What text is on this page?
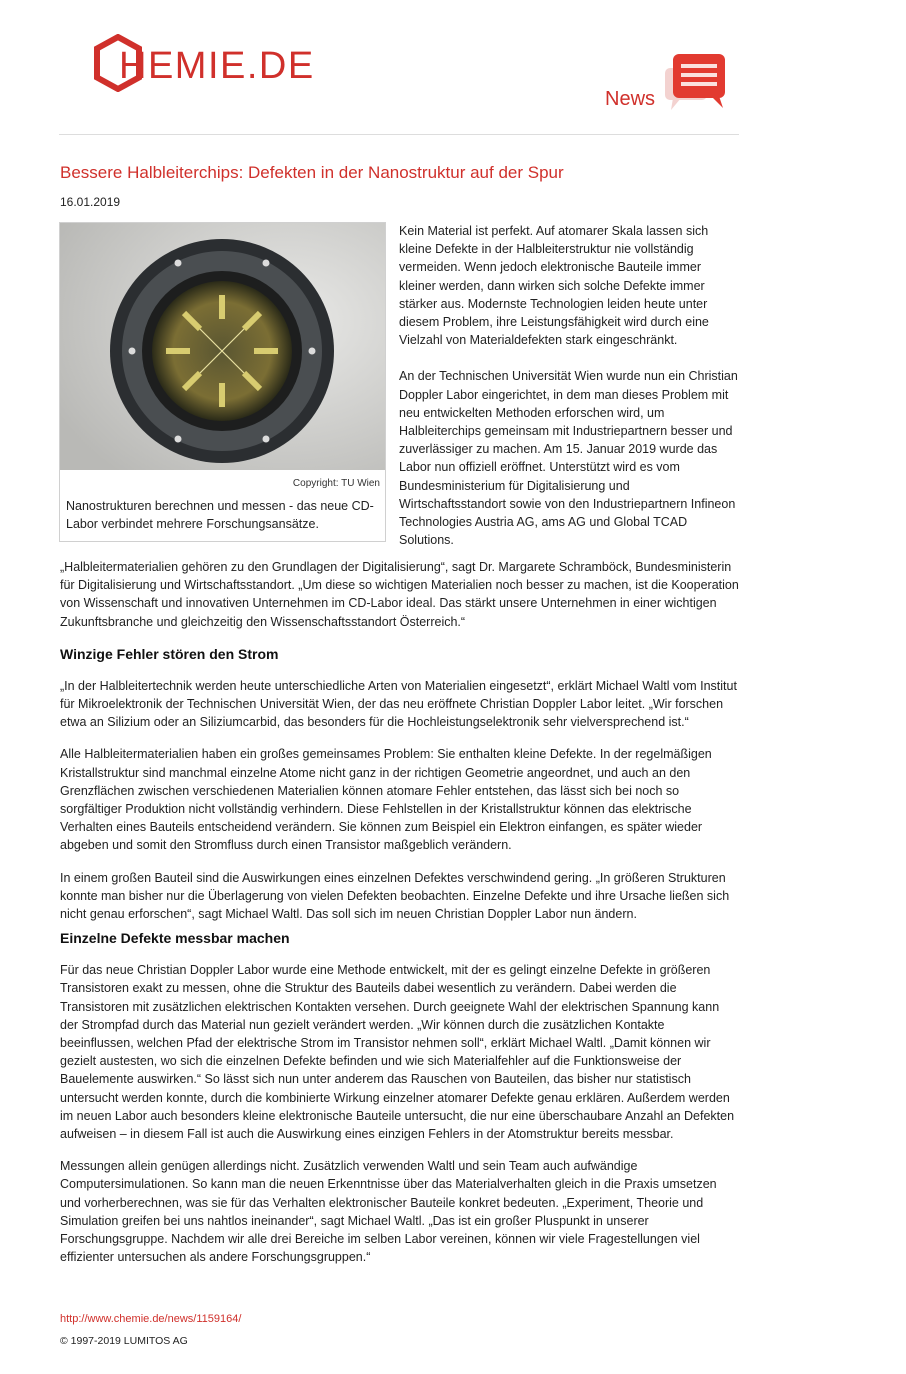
HEMIE.DE
News
Bessere Halbleiterchips: Defekten in der Nanostruktur auf der Spur
16.01.2019
Copyright: TU Wien
Nanostrukturen berechnen und messen - das neue CD-Labor verbindet mehrere Forschungsansätze.

Kein Material ist perfekt. Auf atomarer Skala lassen sich kleine Defekte in der Halbleiterstruktur nie vollständig vermeiden. Wenn jedoch elektronische Bauteile immer kleiner werden, dann wirken sich solche Defekte immer stärker aus. Modernste Technologien leiden heute unter diesem Problem, ihre Leistungsfähigkeit wird durch eine Vielzahl von Materialdefekten stark eingeschränkt.

An der Technischen Universität Wien wurde nun ein Christian Doppler Labor eingerichtet, in dem man dieses Problem mit neu entwickelten Methoden erforschen wird, um Halbleiterchips gemeinsam mit Industriepartnern besser und zuverlässiger zu machen. Am 15. Januar 2019 wurde das Labor nun offiziell eröffnet. Unterstützt wird es vom Bundesministerium für Digitalisierung und Wirtschaftsstandort sowie von den Industriepartnern Infineon Technologies Austria AG, ams AG und Global TCAD Solutions.

„Halbleitermaterialien gehören zu den Grundlagen der Digitalisierung“, sagt Dr. Margarete Schramböck, Bundesministerin für Digitalisierung und Wirtschaftsstandort. „Um diese so wichtigen Materialien noch besser zu machen, ist die Kooperation von Wissenschaft und innovativen Unternehmen im CD-Labor ideal. Das stärkt unsere Unternehmen in einer wichtigen Zukunftsbranche und gleichzeitig den Wissenschaftsstandort Österreich.“

Winzige Fehler stören den Strom

„In der Halbleitertechnik werden heute unterschiedliche Arten von Materialien eingesetzt“, erklärt Michael Waltl vom Institut für Mikroelektronik der Technischen Universität Wien, der das neu eröffnete Christian Doppler Labor leitet. „Wir forschen etwa an Silizium oder an Siliziumcarbid, das besonders für die Hochleistungselektronik sehr vielversprechend ist.“

Alle Halbleitermaterialien haben ein großes gemeinsames Problem: Sie enthalten kleine Defekte. In der regelmäßigen Kristallstruktur sind manchmal einzelne Atome nicht ganz in der richtigen Geometrie angeordnet, und auch an den Grenzflächen zwischen verschiedenen Materialien können atomare Fehler entstehen, das lässt sich bei noch so sorgfältiger Produktion nicht vollständig verhindern. Diese Fehlstellen in der Kristallstruktur können das elektrische Verhalten eines Bauteils entscheidend verändern. Sie können zum Beispiel ein Elektron einfangen, es später wieder abgeben und somit den Stromfluss durch einen Transistor maßgeblich verändern.

In einem großen Bauteil sind die Auswirkungen eines einzelnen Defektes verschwindend gering. „In größeren Strukturen konnte man bisher nur die Überlagerung von vielen Defekten beobachten. Einzelne Defekte und ihre Ursache ließen sich nicht genau erforschen“, sagt Michael Waltl. Das soll sich im neuen Christian Doppler Labor nun ändern.

Einzelne Defekte messbar machen

Für das neue Christian Doppler Labor wurde eine Methode entwickelt, mit der es gelingt einzelne Defekte in größeren Transistoren exakt zu messen, ohne die Struktur des Bauteils dabei wesentlich zu verändern. Dabei werden die Transistoren mit zusätzlichen elektrischen Kontakten versehen. Durch geeignete Wahl der elektrischen Spannung kann der Strompfad durch das Material nun gezielt verändert werden. „Wir können durch die zusätzlichen Kontakte beeinflussen, welchen Pfad der elektrische Strom im Transistor nehmen soll“, erklärt Michael Waltl. „Damit können wir gezielt austesten, wo sich die einzelnen Defekte befinden und wie sich Materialfehler auf die Funktionsweise der Bauelemente auswirken.“ So lässt sich nun unter anderem das Rauschen von Bauteilen, das bisher nur statistisch untersucht werden konnte, durch die kombinierte Wirkung einzelner atomarer Defekte genau erklären. Außerdem werden im neuen Labor auch besonders kleine elektronische Bauteile untersucht, die nur eine überschaubare Anzahl an Defekten aufweisen – in diesem Fall ist auch die Auswirkung eines einzigen Fehlers in der Atomstruktur bereits messbar.

Messungen allein genügen allerdings nicht. Zusätzlich verwenden Waltl und sein Team auch aufwändige Computersimulationen. So kann man die neuen Erkenntnisse über das Materialverhalten gleich in die Praxis umsetzen und vorherberechnen, was sie für das Verhalten elektronischer Bauteile konkret bedeuten. „Experiment, Theorie und Simulation greifen bei uns nahtlos ineinander“, sagt Michael Waltl. „Das ist ein großer Pluspunkt in unserer Forschungsgruppe. Nachdem wir alle drei Bereiche im selben Labor vereinen, können wir viele Fragestellungen viel effizienter untersuchen als andere Forschungsgruppen.“

http://www.chemie.de/news/1159164/
© 1997-2019 LUMITOS AG
